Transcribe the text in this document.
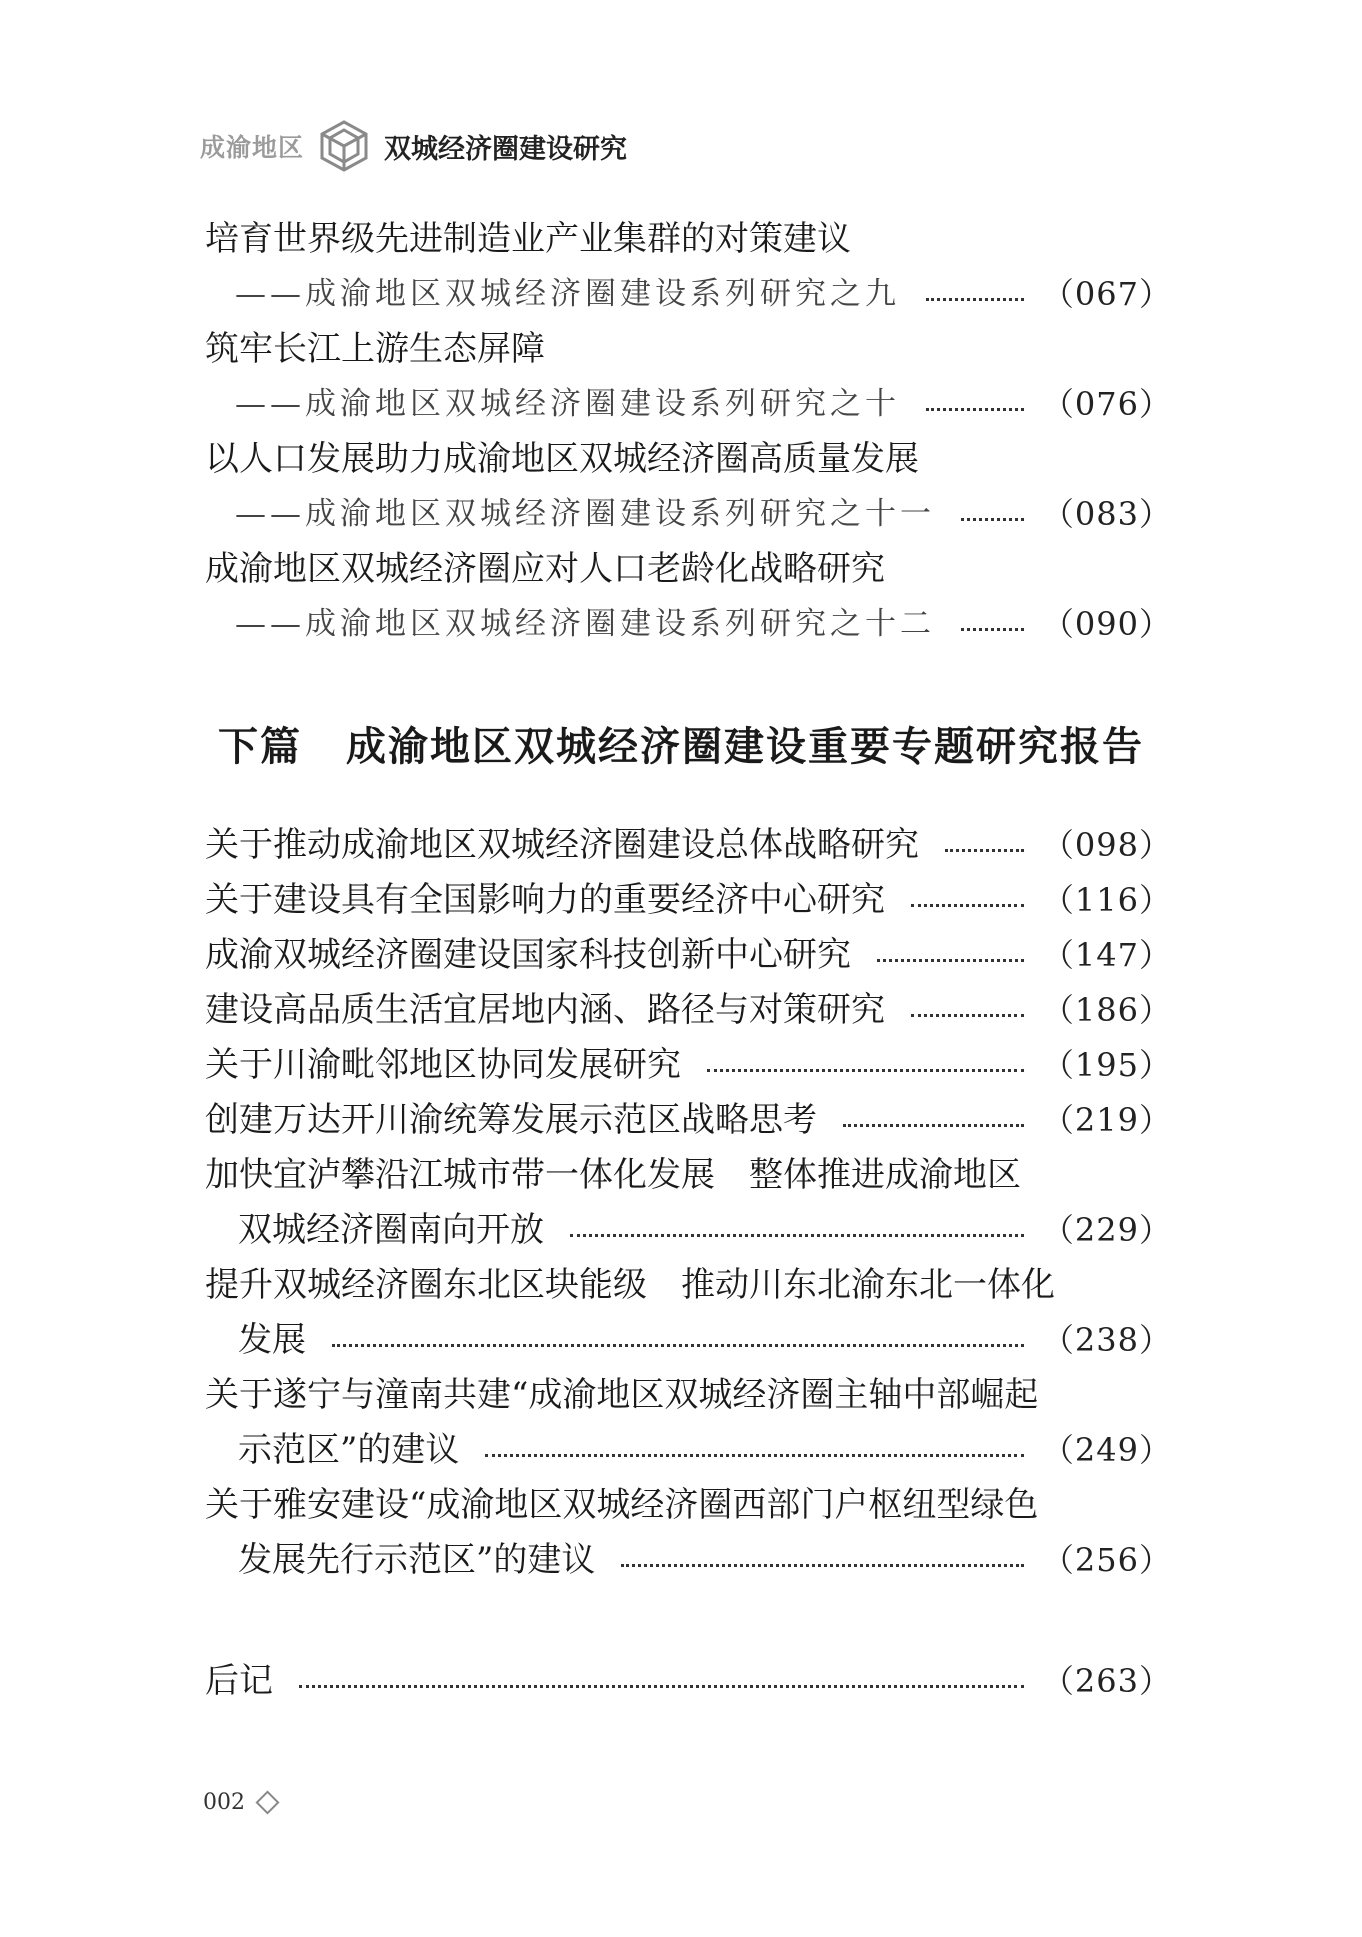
成渝地区	双城经济圈建设研究
培育世界级先进制造业产业集群的对策建议
——成渝地区双城经济圈建设系列研究之九	（067）
筑牢长江上游生态屏障
——成渝地区双城经济圈建设系列研究之十	（076）
以人口发展助力成渝地区双城经济圈高质量发展
——成渝地区双城经济圈建设系列研究之十一	（083）
成渝地区双城经济圈应对人口老龄化战略研究
——成渝地区双城经济圈建设系列研究之十二	（090）
下篇 成渝地区双城经济圈建设重要专题研究报告
关于推动成渝地区双城经济圈建设总体战略研究	（098）
关于建设具有全国影响力的重要经济中心研究	（116）
成渝双城经济圈建设国家科技创新中心研究	（147）
建设高品质生活宜居地内涵、路径与对策研究	（186）
关于川渝毗邻地区协同发展研究	（195）
创建万达开川渝统筹发展示范区战略思考	（219）
加快宜泸攀沿江城市带一体化发展　整体推进成渝地区
双城经济圈南向开放	（229）
提升双城经济圈东北区块能级　推动川东北渝东北一体化
发展	（238）
关于遂宁与潼南共建“成渝地区双城经济圈主轴中部崛起
示范区”的建议	（249）
关于雅安建设“成渝地区双城经济圈西部门户枢纽型绿色
发展先行示范区”的建议	（256）
后记	（263）
002
